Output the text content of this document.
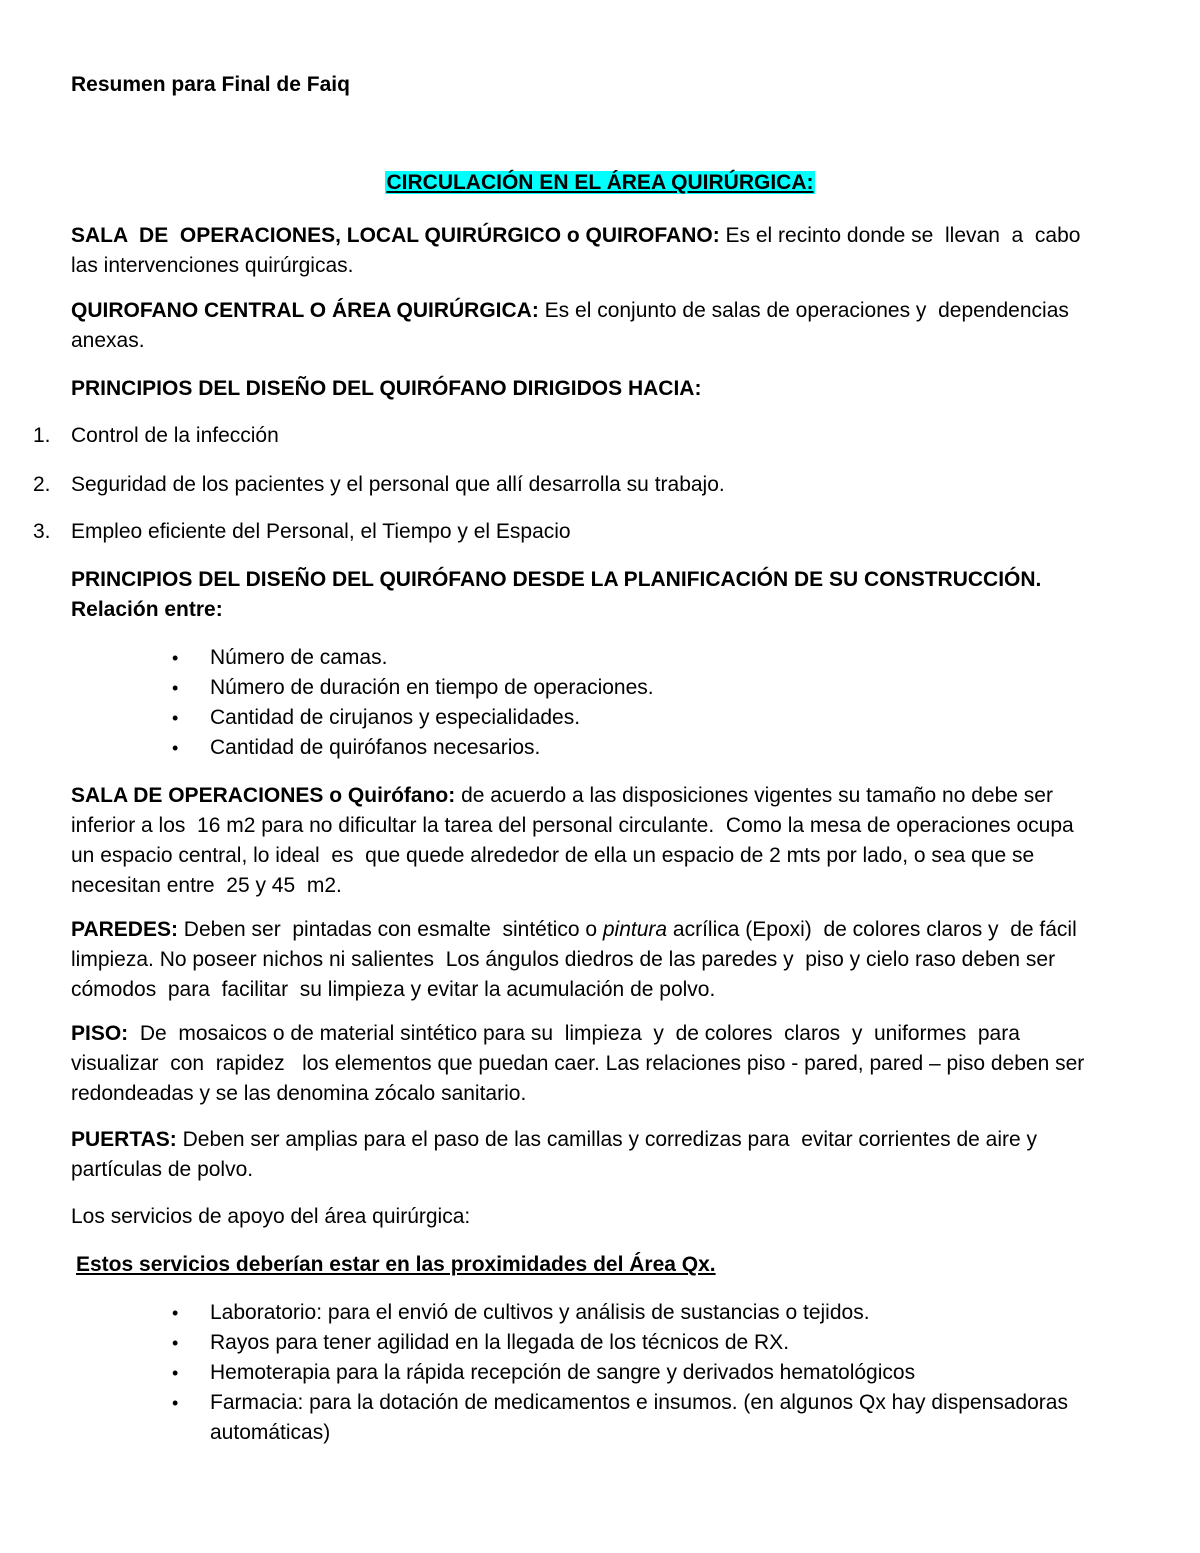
Resumen para Final de Faiq
CIRCULACIÓN EN EL ÁREA QUIRÚRGICA:
SALA  DE  OPERACIONES, LOCAL QUIRÚRGICO o QUIROFANO: Es el recinto donde se  llevan  a  cabo
las intervenciones quirúrgicas.
QUIROFANO CENTRAL O ÁREA QUIRÚRGICA: Es el conjunto de salas de operaciones y  dependencias
anexas.
PRINCIPIOS DEL DISEÑO DEL QUIRÓFANO DIRIGIDOS HACIA:
1. Control de la infección
2. Seguridad de los pacientes y el personal que allí desarrolla su trabajo.
3. Empleo eficiente del Personal, el Tiempo y el Espacio
PRINCIPIOS DEL DISEÑO DEL QUIRÓFANO DESDE LA PLANIFICACIÓN DE SU CONSTRUCCIÓN.
Relación entre:
• Número de camas.
• Número de duración en tiempo de operaciones.
• Cantidad de cirujanos y especialidades.
• Cantidad de quirófanos necesarios.
SALA DE OPERACIONES o Quirófano: de acuerdo a las disposiciones vigentes su tamaño no debe ser
inferior a los  16 m2 para no dificultar la tarea del personal circulante.  Como la mesa de operaciones ocupa
un espacio central, lo ideal  es  que quede alrededor de ella un espacio de 2 mts por lado, o sea que se
necesitan entre  25 y 45  m2.
PAREDES: Deben ser  pintadas con esmalte  sintético o pintura acrílica (Epoxi)  de colores claros y  de fácil
limpieza. No poseer nichos ni salientes  Los ángulos diedros de las paredes y  piso y cielo raso deben ser
cómodos  para  facilitar  su limpieza y evitar la acumulación de polvo.
PISO:  De  mosaicos o de material sintético para su  limpieza  y  de colores  claros  y  uniformes  para
visualizar  con  rapidez   los elementos que puedan caer. Las relaciones piso - pared, pared – piso deben ser
redondeadas y se las denomina zócalo sanitario.
PUERTAS: Deben ser amplias para el paso de las camillas y corredizas para  evitar corrientes de aire y
partículas de polvo.
Los servicios de apoyo del área quirúrgica:
Estos servicios deberían estar en las proximidades del Área Qx.
• Laboratorio: para el envió de cultivos y análisis de sustancias o tejidos.
• Rayos para tener agilidad en la llegada de los técnicos de RX.
• Hemoterapia para la rápida recepción de sangre y derivados hematológicos
• Farmacia: para la dotación de medicamentos e insumos. (en algunos Qx hay dispensadoras
automáticas)
